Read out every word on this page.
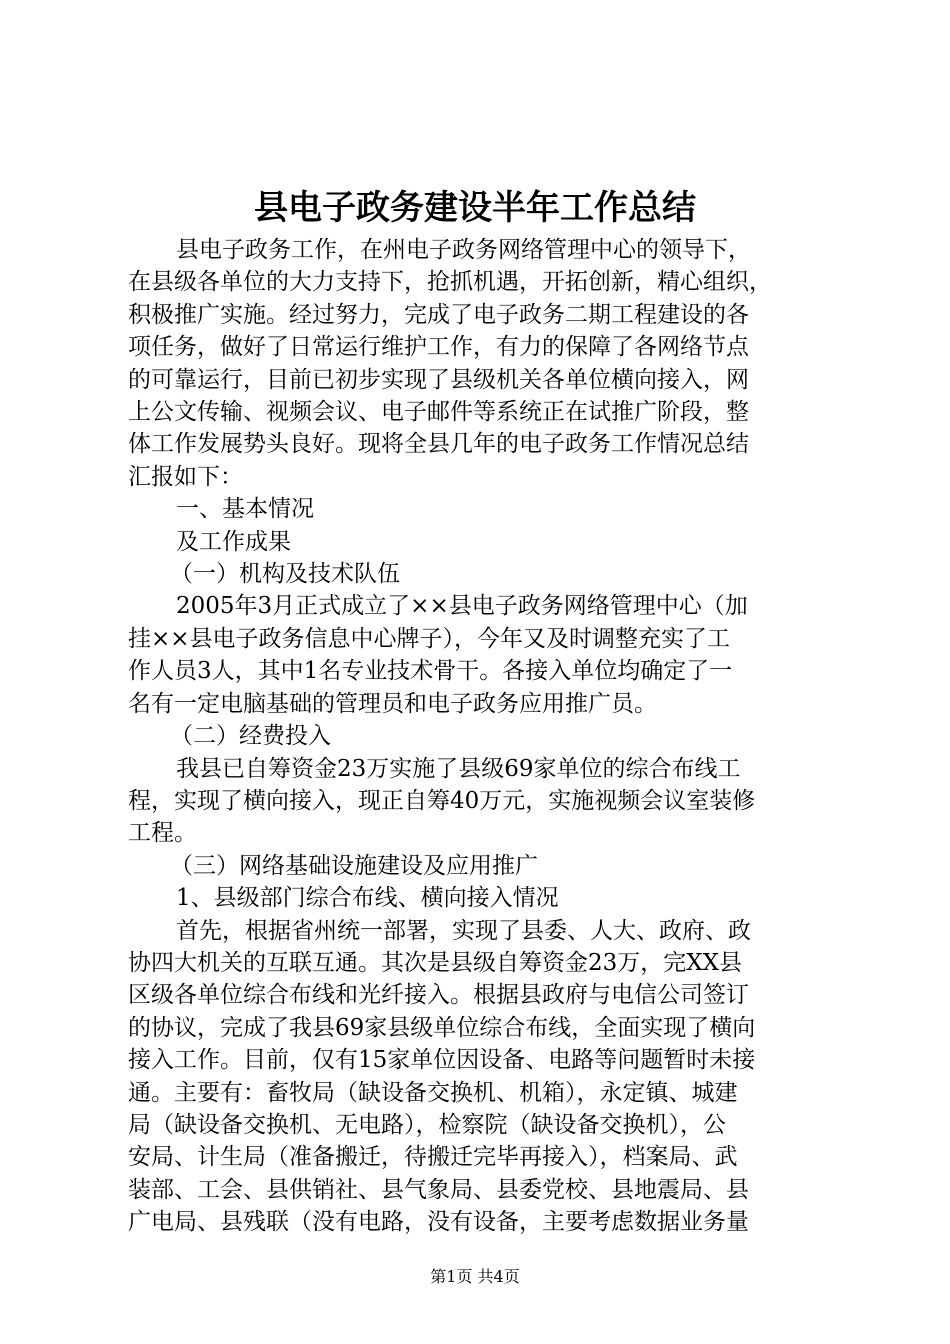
县电子政务建设半年工作总结
县电子政务工作，在州电子政务网络管理中心的领导下，
在县级各单位的大力支持下，抢抓机遇，开拓创新，精心组织，
积极推广实施。经过努力，完成了电子政务二期工程建设的各
项任务，做好了日常运行维护工作，有力的保障了各网络节点
的可靠运行，目前已初步实现了县级机关各单位横向接入，网
上公文传输、视频会议、电子邮件等系统正在试推广阶段，整
体工作发展势头良好。现将全县几年的电子政务工作情况总结
汇报如下：
一、基本情况
及工作成果
（一）机构及技术队伍
2005年3月正式成立了××县电子政务网络管理中心（加
挂××县电子政务信息中心牌子），今年又及时调整充实了工
作人员3人，其中1名专业技术骨干。各接入单位均确定了一
名有一定电脑基础的管理员和电子政务应用推广员。
（二）经费投入
我县已自筹资金23万实施了县级69家单位的综合布线工
程，实现了横向接入，现正自筹40万元，实施视频会议室装修
工程。
（三）网络基础设施建设及应用推广
1、县级部门综合布线、横向接入情况
首先，根据省州统一部署，实现了县委、人大、政府、政
协四大机关的互联互通。其次是县级自筹资金23万，完XX县
区级各单位综合布线和光纤接入。根据县政府与电信公司签订
的协议，完成了我县69家县级单位综合布线，全面实现了横向
接入工作。目前，仅有15家单位因设备、电路等问题暂时未接
通。主要有：畜牧局（缺设备交换机、机箱），永定镇、城建
局（缺设备交换机、无电路），检察院（缺设备交换机），公
安局、计生局（准备搬迁，待搬迁完毕再接入），档案局、武
装部、工会、县供销社、县气象局、县委党校、县地震局、县
广电局、县残联（没有电路，没有设备，主要考虑数据业务量
第1页 共4页
